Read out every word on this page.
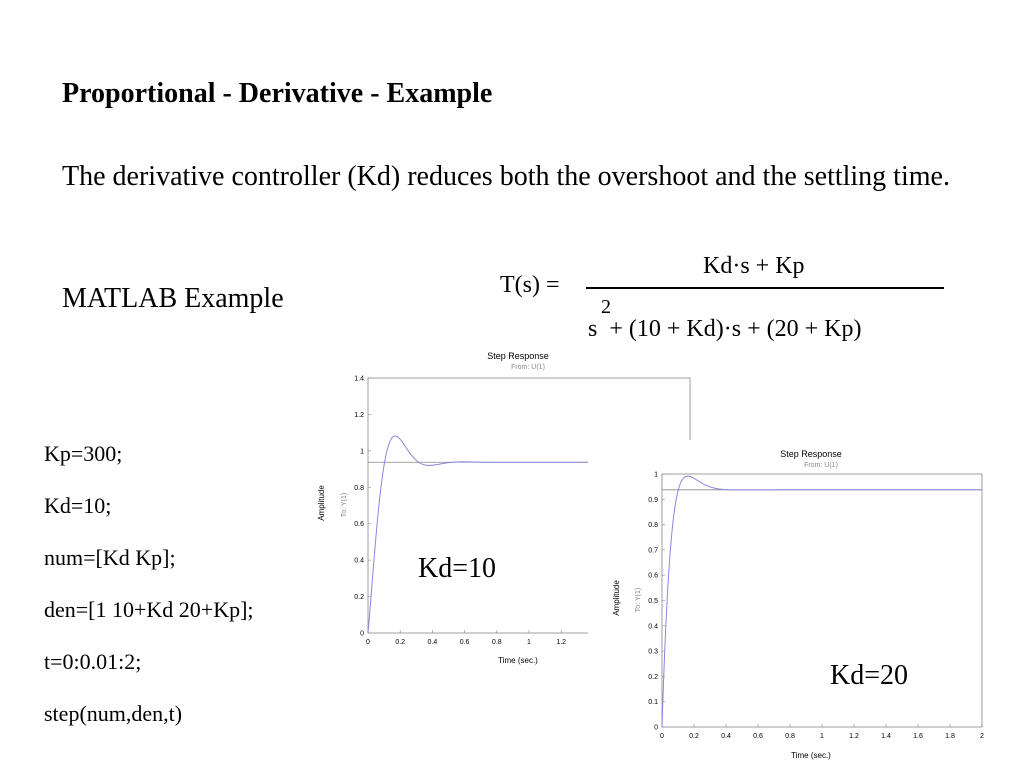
Proportional - Derivative - Example
The derivative controller (Kd) reduces both the overshoot and the settling time.
MATLAB Example	T(s) =
Kd·s + Kp
2
s + (10 + Kd)·s + (20 + Kp)
Step Response
From: U(1)
Time (sec.)
Amplitude To: Y(1)
0	0.2	0.4	0.6	0.8	1	1.2
0
0.2
0.4
0.6
0.8
1
1.2
1.4
Step Response
From: U(1)
Time (sec.)
Amplitude To: Y(1)
0	0.2	0.4	0.6	0.8	1	1.2	1.4	1.6	1.8	2
0
0.1
0.2
0.3
0.4
0.5
0.6
0.7
0.8
0.9
1
Kp=300;
Kd=10;
num=[Kd Kp];
den=[1 10+Kd 20+Kp];
t=0:0.01:2;
step(num,den,t)
Kd=10
Kd=20
